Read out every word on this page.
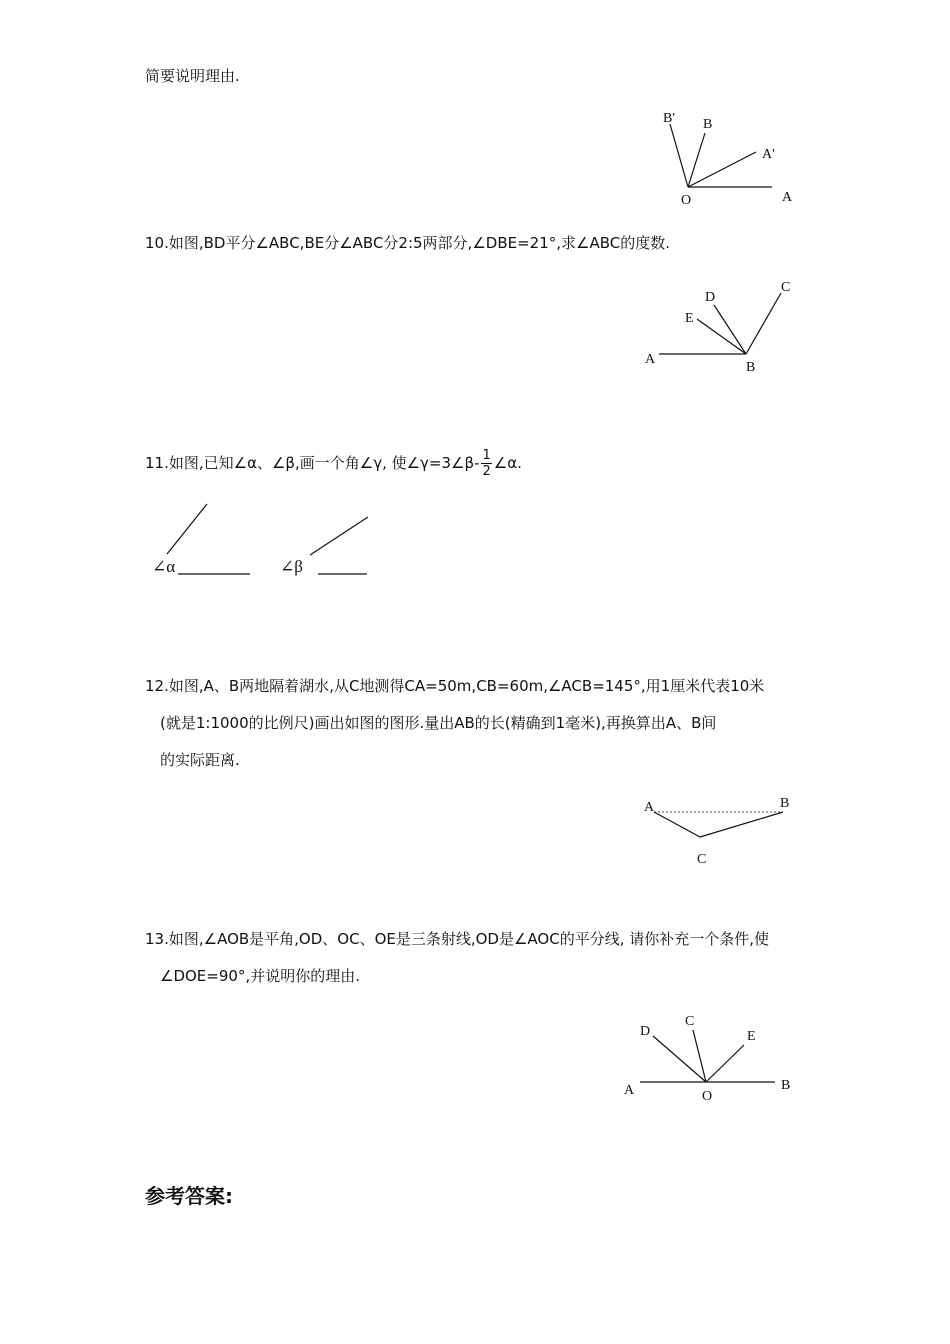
简要说明理由.
B' B
A'
O	A
10.如图,BD平分∠ABC,BE分∠ABC分2:5两部分,∠DBE=21°,求∠ABC的度数.
D
C
E
A
B
11.如图,已知∠α、∠β,画一个角∠γ, 使∠γ=3∠β- $\frac{1}{2}$ ∠α.
∠α	∠β
12.如图,A、B两地隔着湖水,从C地测得CA=50m,CB=60m,∠ACB=145°,用1厘米代表10米
(就是1:1000的比例尺)画出如图的图形.量出AB的长(精确到1毫米),再换算出A、B间
的实际距离.
A	B
C
13.如图,∠AOB是平角,OD、OC、OE是三条射线,OD是∠AOC的平分线, 请你补充一个条件,使
∠DOE=90°,并说明你的理由.
D
C
E
A	O
B
参考答案:
